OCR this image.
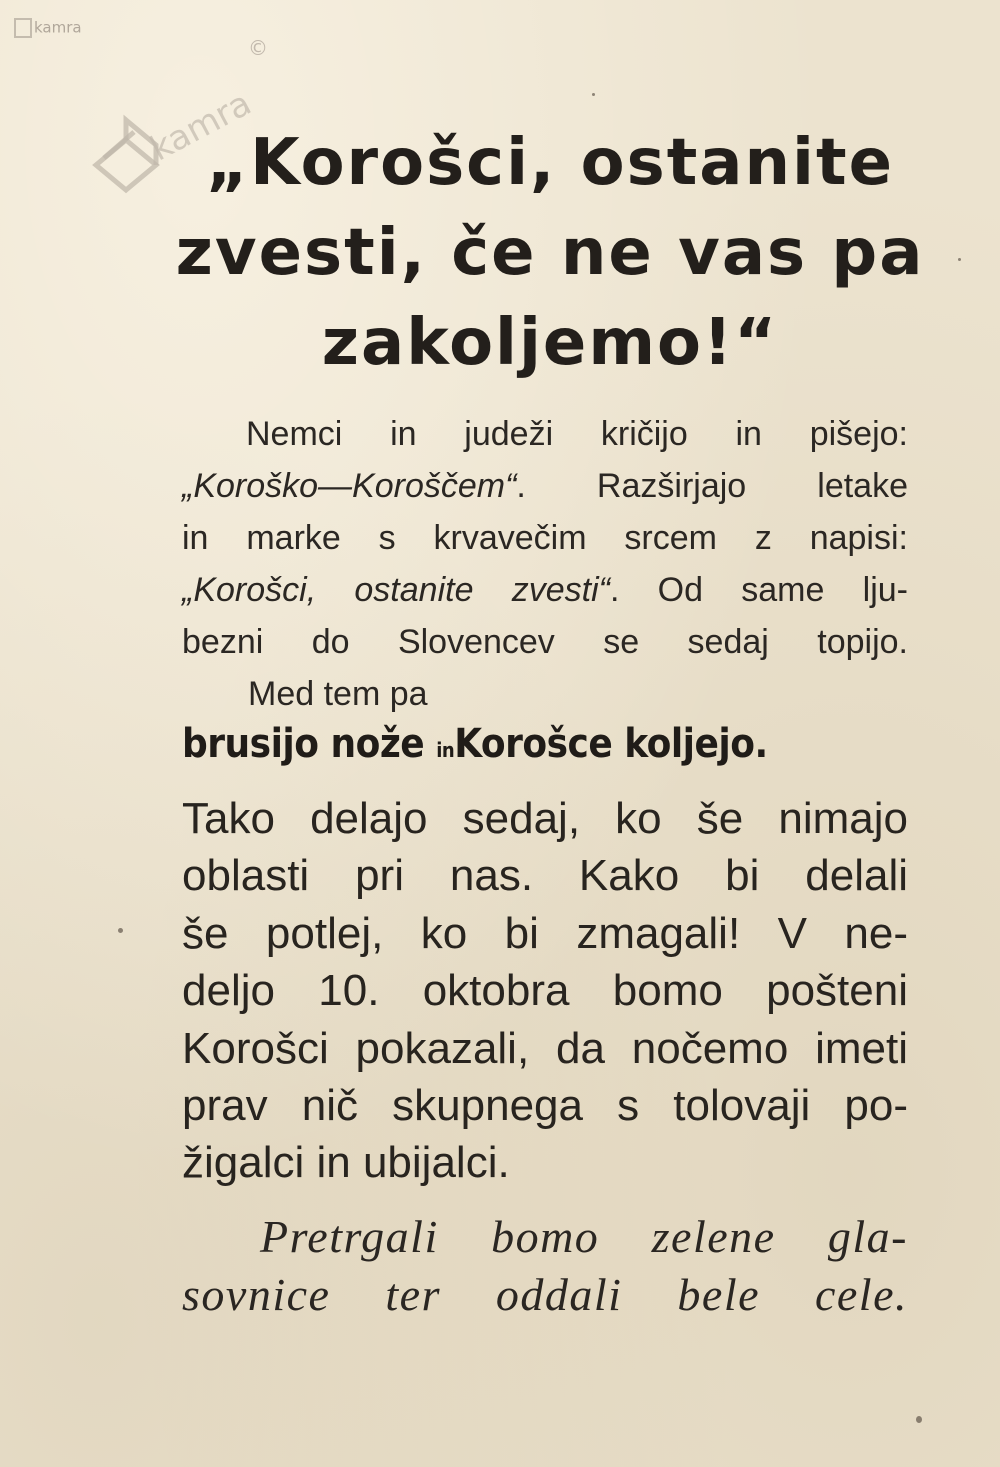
kamra
©
kamra
„Korošci, ostanite
zvesti, če ne vas pa
zakoljemo!“
Nemci in judeži kričijo in pišejo:
„Koroško—Koroščem“. Razširjajo letake
in marke s krvavečim srcem z napisi:
„Korošci, ostanite zvesti“. Od same lju-
bezni do Slovencev se sedaj topijo.
Med tem pa
brusijo nože inKorošce koljejo.
Tako delajo sedaj, ko še nimajo
oblasti pri nas. Kako bi delali
še potlej, ko bi zmagali! V ne-
deljo 10. oktobra bomo pošteni
Korošci pokazali, da nočemo imeti
prav nič skupnega s tolovaji po-
žigalci in ubijalci.
Pretrgali bomo zelene gla-
sovnice ter oddali bele cele.
